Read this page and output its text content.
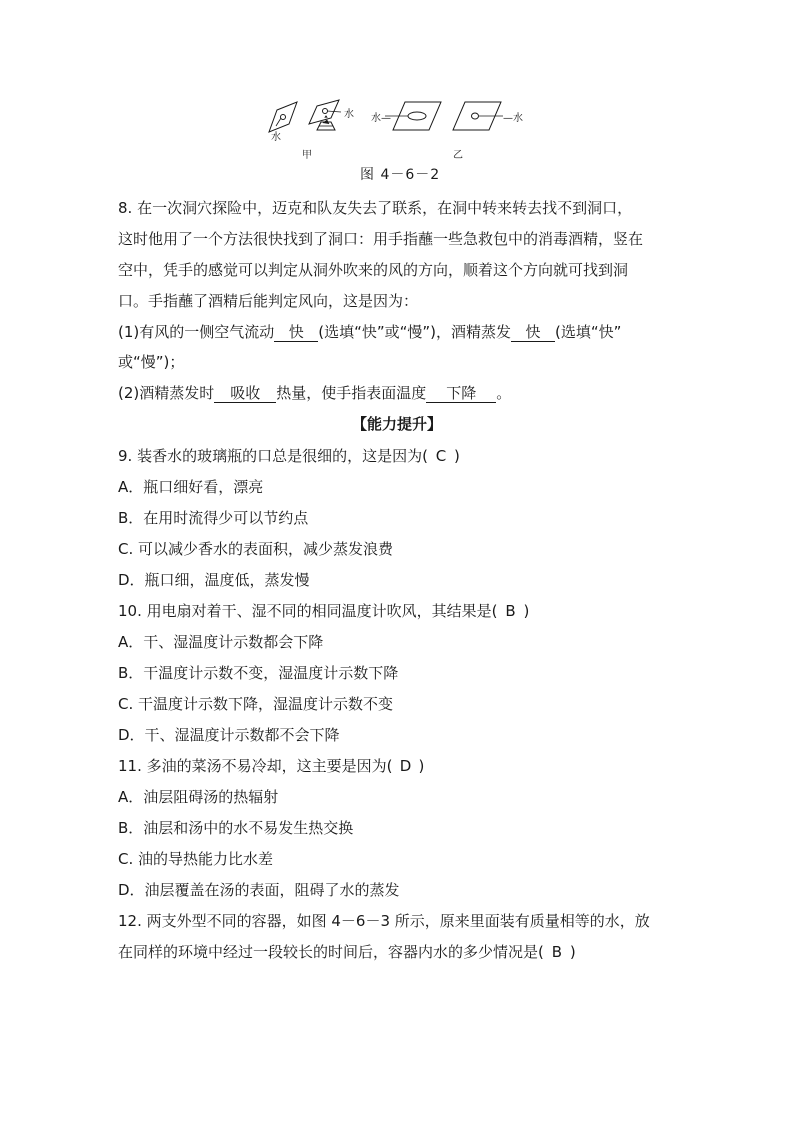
水
水 水—	—水
甲	乙
图 4－6－2
8. 在一次洞穴探险中，迈克和队友失去了联系，在洞中转来转去找不到洞口，
这时他用了一个方法很快找到了洞口：用手指蘸一些急救包中的消毒酒精，竖在
空中，凭手的感觉可以判定从洞外吹来的风的方向，顺着这个方向就可找到洞
口。手指蘸了酒精后能判定风向，这是因为：
(1)有风的一侧空气流动 快 (选填“快”或“慢”)，酒精蒸发 快 (选填“快”
或“慢”)；
(2)酒精蒸发时 吸收 热量，使手指表面温度 下降 。
【能力提升】
9. 装香水的玻璃瓶的口总是很细的，这是因为( C )
A．瓶口细好看，漂亮
B．在用时流得少可以节约点
C. 可以减少香水的表面积，减少蒸发浪费
D．瓶口细，温度低，蒸发慢
10. 用电扇对着干、湿不同的相同温度计吹风，其结果是( B )
A．干、湿温度计示数都会下降
B．干温度计示数不变，湿温度计示数下降
C. 干温度计示数下降，湿温度计示数不变
D．干、湿温度计示数都不会下降
11. 多油的菜汤不易冷却，这主要是因为( D )
A．油层阻碍汤的热辐射
B．油层和汤中的水不易发生热交换
C. 油的导热能力比水差
D．油层覆盖在汤的表面，阻碍了水的蒸发
12. 两支外型不同的容器，如图 4－6－3 所示，原来里面装有质量相等的水，放
在同样的环境中经过一段较长的时间后，容器内水的多少情况是( B )
